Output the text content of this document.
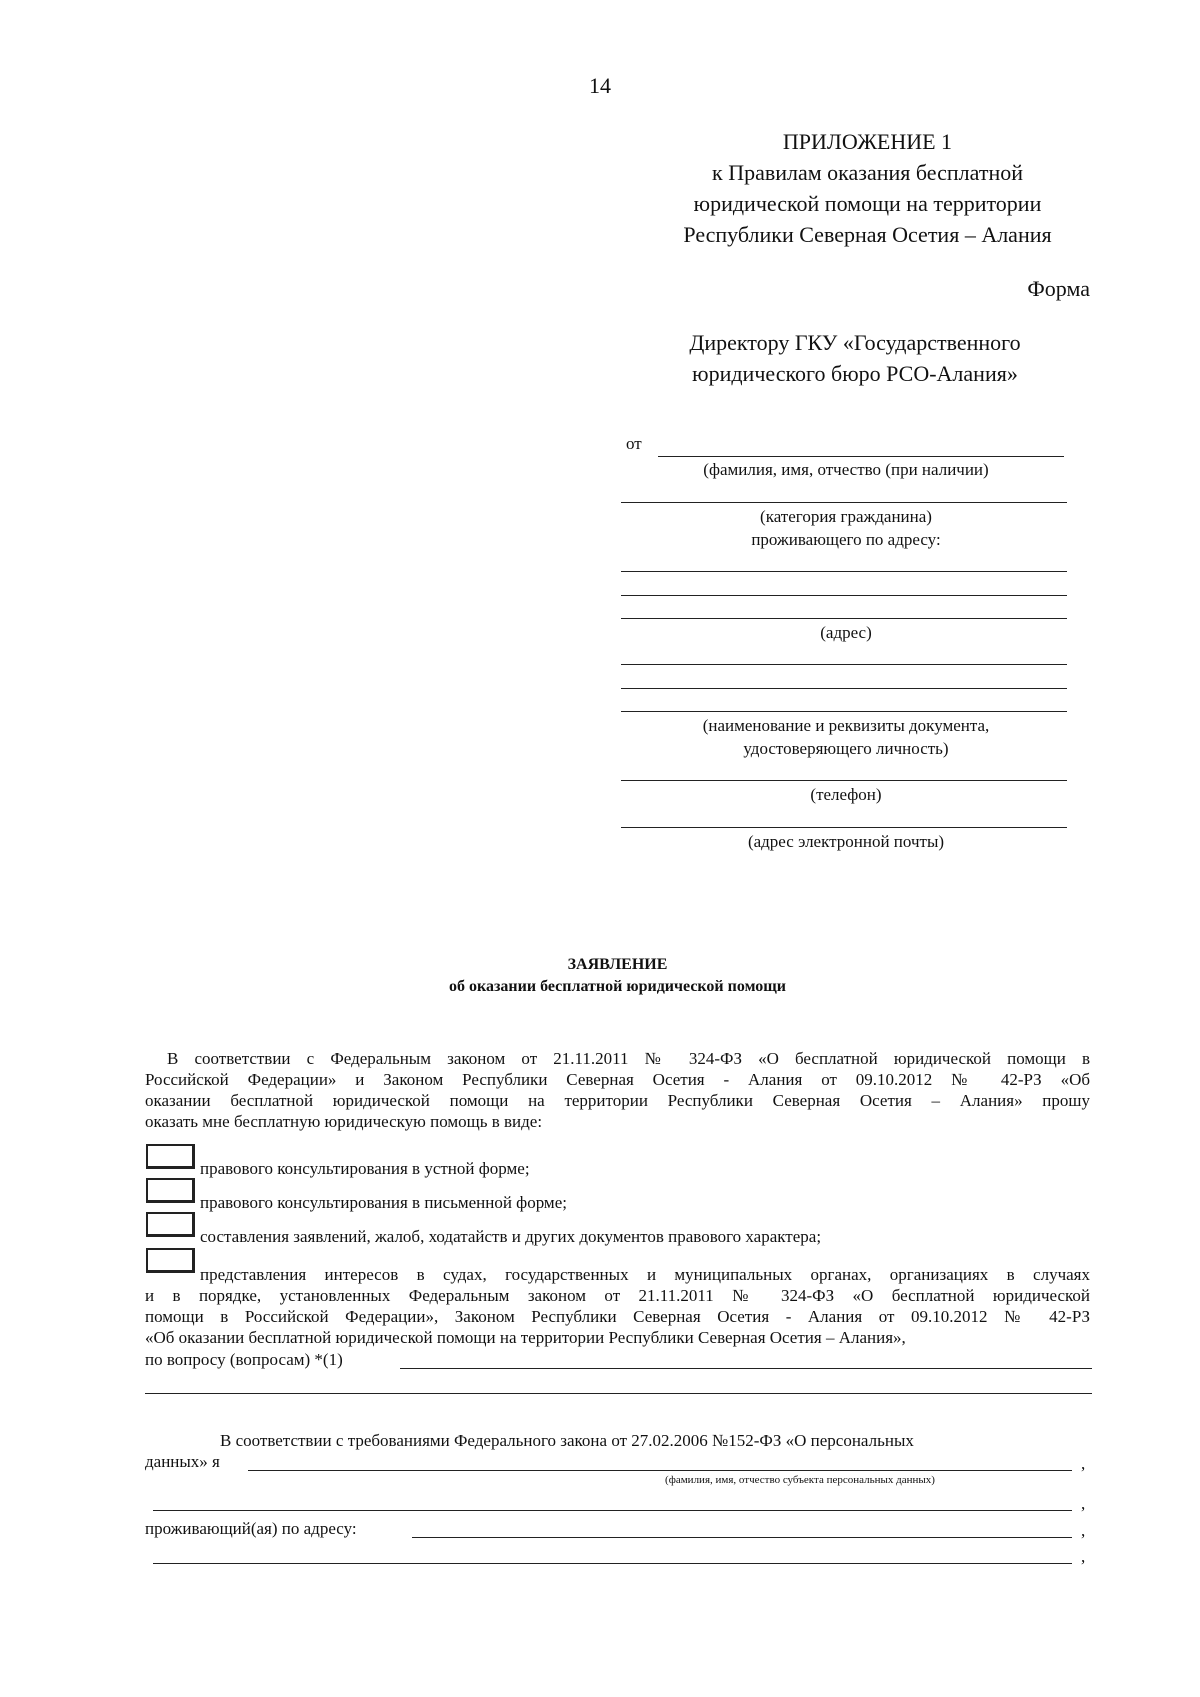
14
ПРИЛОЖЕНИЕ 1
к Правилам оказания бесплатной
юридической помощи на территории
Республики Северная Осетия – Алания
Форма
Директору ГКУ «Государственного
юридического бюро РСО-Алания»
от
(фамилия, имя, отчество (при наличии)
(категория гражданина)
проживающего по адресу:
(адрес)
(наименование и реквизиты документа,
удостоверяющего личность)
(телефон)
(адрес электронной почты)
ЗАЯВЛЕНИЕ
об оказании бесплатной юридической помощи
В соответствии с Федеральным законом от 21.11.2011 № 324-ФЗ «О бесплатной юридической помощи в
Российской Федерации» и Законом Республики Северная Осетия - Алания от 09.10.2012 № 42-РЗ «Об
оказании бесплатной юридической помощи на территории Республики Северная Осетия – Алания» прошу
оказать мне бесплатную юридическую помощь в виде:
правового консультирования в устной форме;
правового консультирования в письменной форме;
составления заявлений, жалоб, ходатайств и других документов правового характера;
представления интересов в судах, государственных и муниципальных органах, организациях в случаях
и в порядке, установленных Федеральным законом от 21.11.2011 № 324-ФЗ «О бесплатной юридической
помощи в Российской Федерации», Законом Республики Северная Осетия - Алания от 09.10.2012 № 42-РЗ
«Об оказании бесплатной юридической помощи на территории Республики Северная Осетия – Алания»,
по вопросу (вопросам) *(1)
В соответствии с требованиями Федерального закона от 27.02.2006 №152-ФЗ «О персональных
данных» я	,
(фамилия, имя, отчество субъекта персональных данных)
,
проживающий(ая) по адресу:	,
,
